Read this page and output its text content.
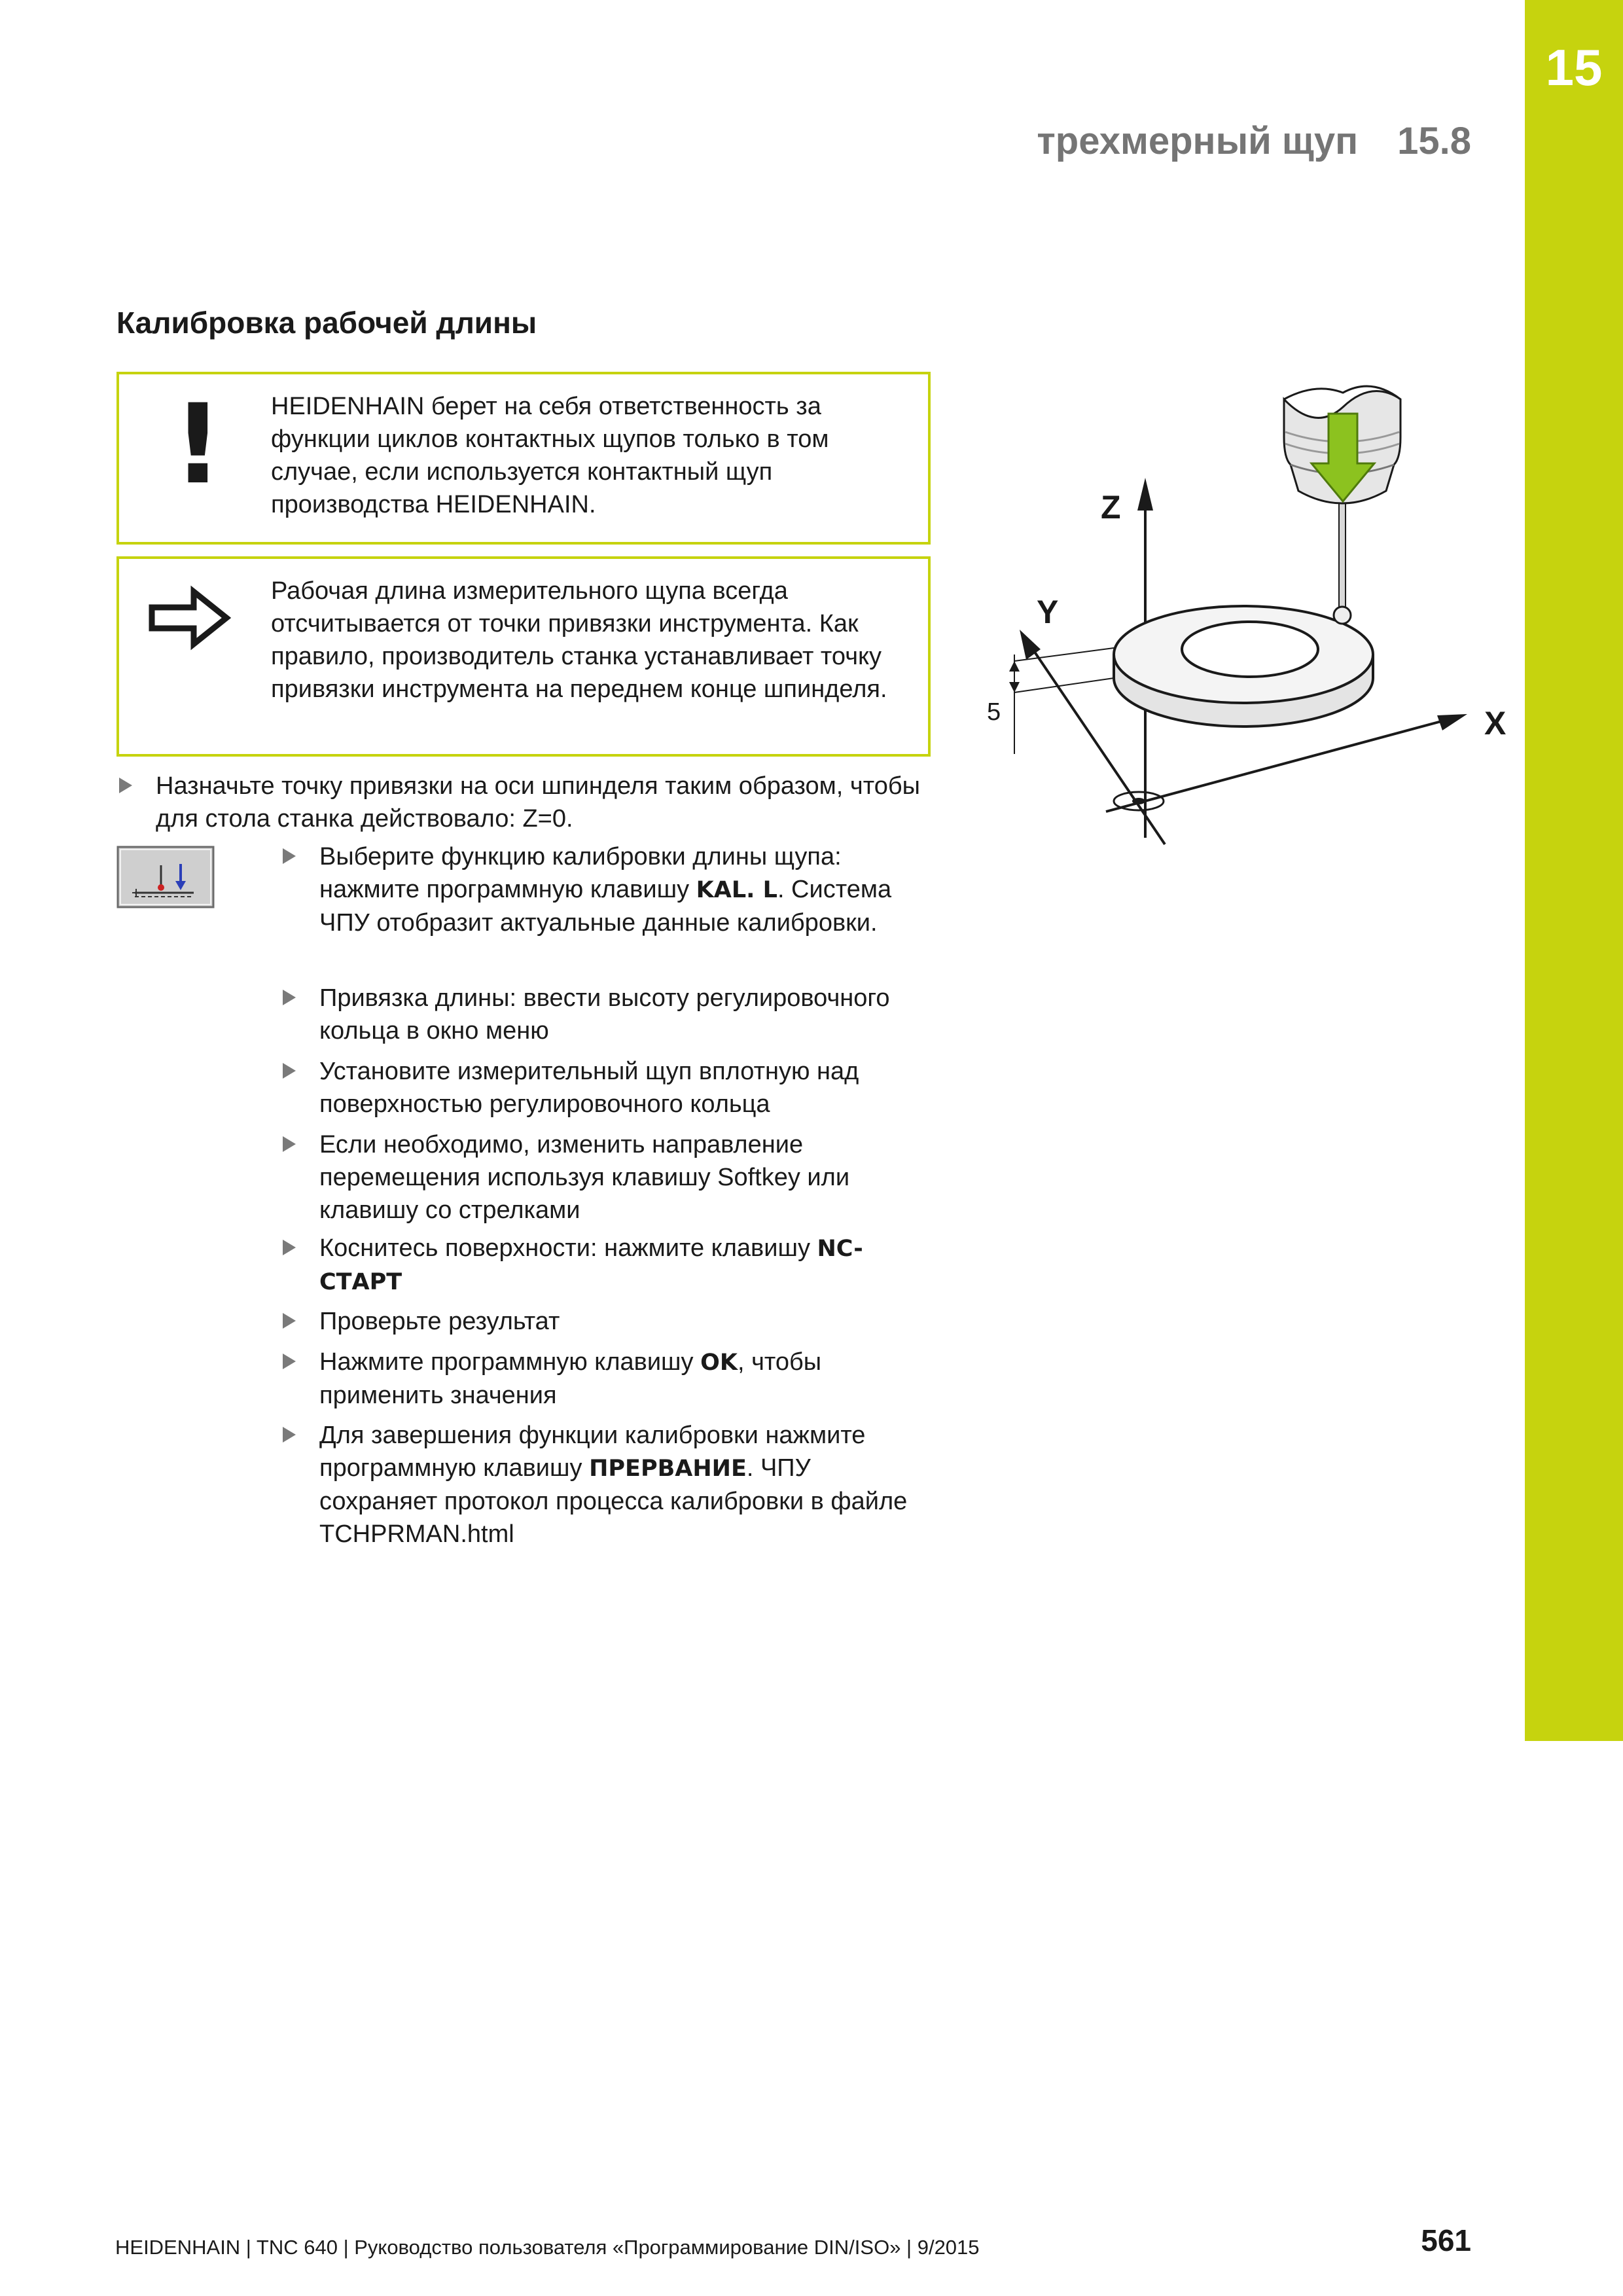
15
трехмерный щуп 15.8
Калибровка рабочей длины
! HEIDENHAIN берет на себя ответственность за функции циклов контактных щупов только в том случае, если используется контактный щуп производства HEIDENHAIN.
Рабочая длина измерительного щупа всегда отсчитывается от точки привязки инструмента. Как правило, производитель станка устанавливает точку привязки инструмента на переднем конце шпинделя.
Назначьте точку привязки на оси шпинделя таким образом, чтобы для стола станка действовало: Z=0.
Выберите функцию калибровки длины щупа: нажмите программную клавишу KAL. L. Система ЧПУ отобразит актуальные данные калибровки.
Привязка длины: ввести высоту регулировочного кольца в окно меню
Установите измерительный щуп вплотную над поверхностью регулировочного кольца
Если необходимо, изменить направление перемещения используя клавишу Softkey или клавишу со стрелками
Коснитесь поверхности: нажмите клавишу NC-СТАРТ
Проверьте результат
Нажмите программную клавишу OK, чтобы применить значения
Для завершения функции калибровки нажмите программную клавишу ПРЕРВАНИЕ. ЧПУ сохраняет протокол процесса калибровки в файле TCHPRMAN.html
Z
X
Y
5
HEIDENHAIN | TNC 640 | Руководство пользователя «Программирование DIN/ISO» | 9/2015	561
